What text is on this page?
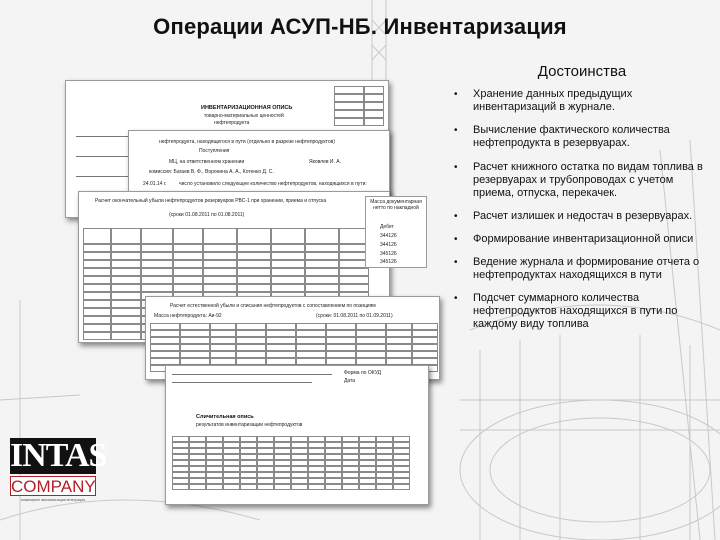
Операции АСУП-НБ. Инвентаризация
Достоинства
• Хранение данных предыдущих инвентаризаций в журнале.
• Вычисление фактического количества нефтепродукта в резервуарах.
• Расчет книжного остатка по видам топлива в резервуарах и трубопроводах с учетом приема, отпуска, перекачек.
• Расчет излишек и недостач в резервуарах.
• Формирование инвентаризационной описи
• Ведение журнала и формирование отчета о нефтепродуктах находящихся в пути
• Подсчет суммарного количества нефтепродуктов находящихся в пути по каждому виду топлива
ИНВЕНТАРИЗАЦИОННАЯ ОПИСЬ
товарно-материальных ценностей
нефтепродукта
нефтепродукта, находящегося в пути (отдельно в разрезе нефтепродуктов)
Поступления
МЦ, на ответственном хранении	Яковлев И. А.
комиссия: Багаев В. Ф., Воронина А. А., Котенко Д. С.
24.01.14 г.	число установило следующее количество нефтепродуктов, находящихся в пути:
Расчет окончательный убыли нефтепродуктов резервуаров РВС-1 при хранении, приема и отпуска
(сроки 01.08.2011 по 01.08.2011)
Масса документарная нетто по накладной
Дебет
344126
344126
345126
345126
Расчет естественной убыли и списания нефтепродуктов с сопоставлением по позициям
Масса нефтепродукта: Аи-92	(сроки: 01.08.2011 по 01.09.2011)
Форма по ОКУД
Дата
Сличительная опись
результатов инвентаризации нефтепродуктов
INTAS
COMPANY
инжиниринг автоматизация интеграция
